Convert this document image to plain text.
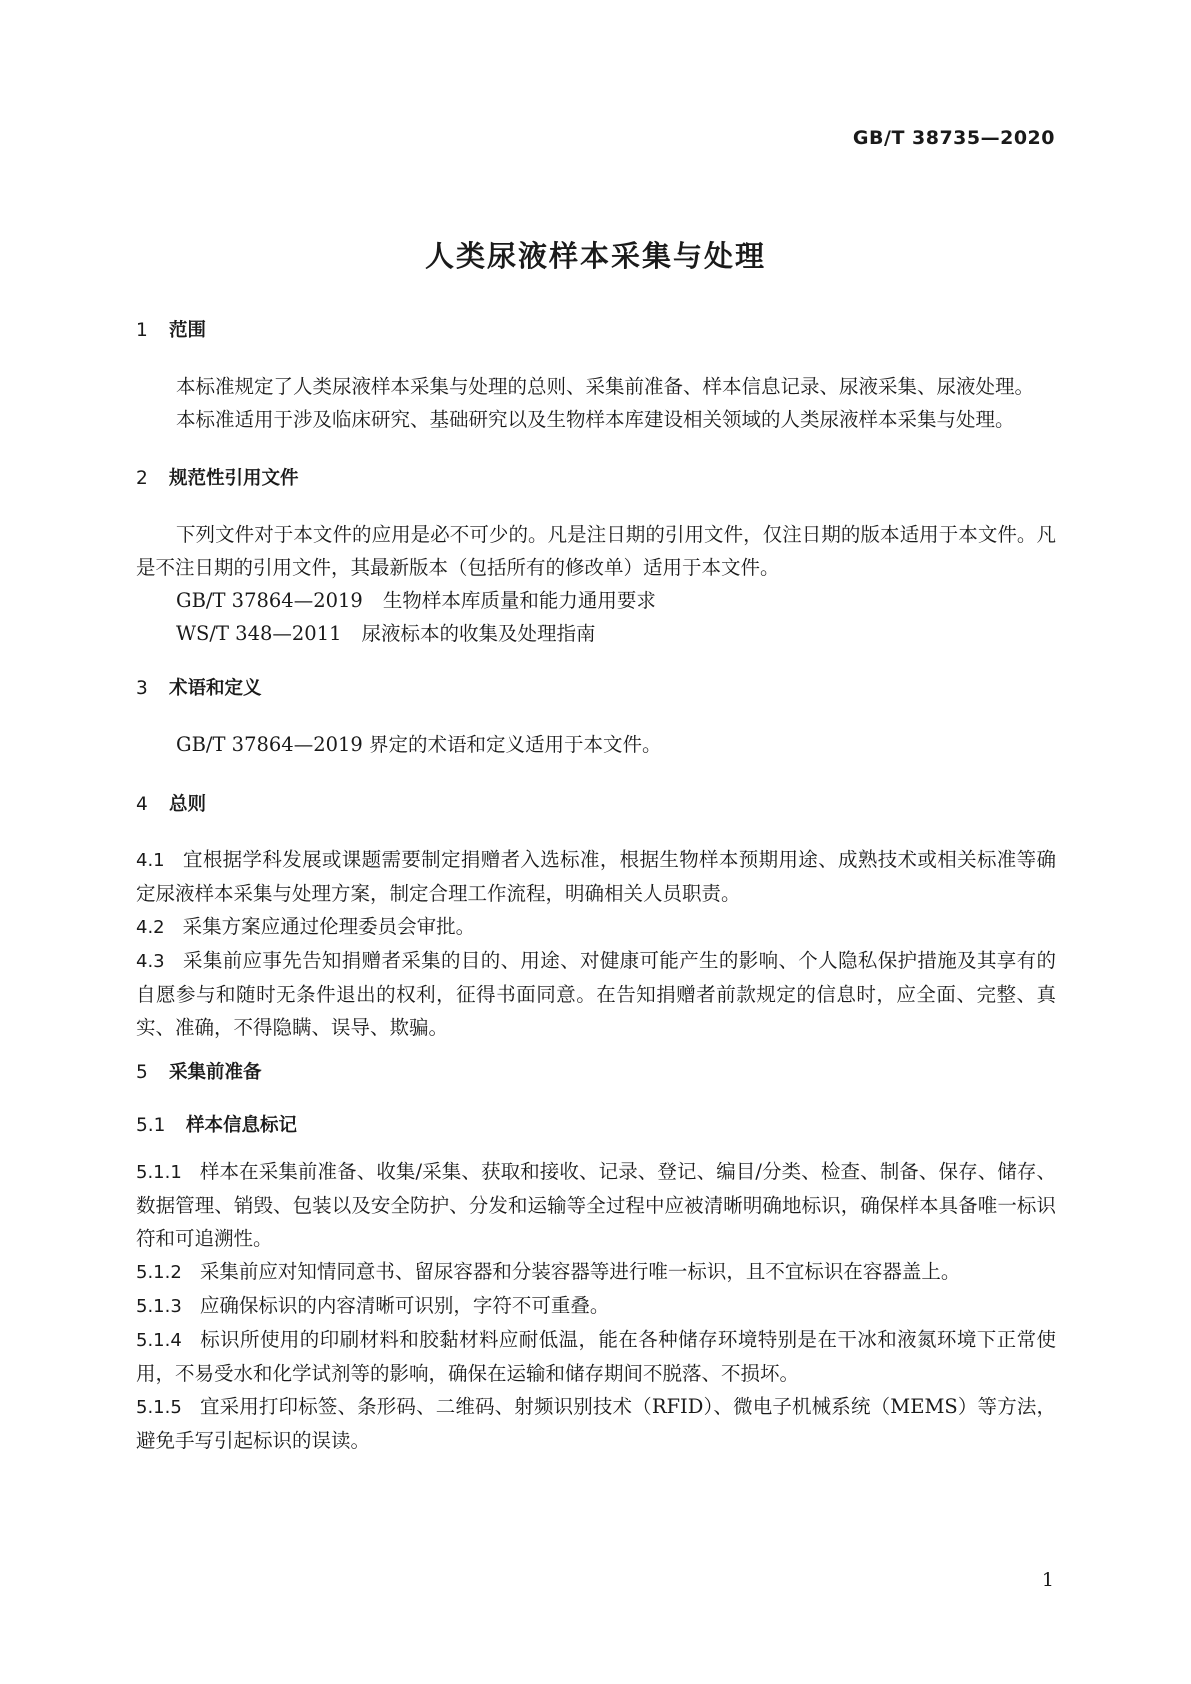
GB/T 38735—2020
人类尿液样本采集与处理
1 范围

本标准规定了人类尿液样本采集与处理的总则、采集前准备、样本信息记录、尿液采集、尿液处理。

本标准适用于涉及临床研究、基础研究以及生物样本库建设相关领域的人类尿液样本采集与处理。

2 规范性引用文件

下列文件对于本文件的应用是必不可少的。凡是注日期的引用文件，仅注日期的版本适用于本文件。凡是不注日期的引用文件，其最新版本（包括所有的修改单）适用于本文件。

GB/T 37864—2019 生物样本库质量和能力通用要求
WS/T 348—2011 尿液标本的收集及处理指南
3 术语和定义

GB/T 37864—2019 界定的术语和定义适用于本文件。

4 总则

4.1 宜根据学科发展或课题需要制定捐赠者入选标准，根据生物样本预期用途、成熟技术或相关标准等确定尿液样本采集与处理方案，制定合理工作流程，明确相关人员职责。

4.2 采集方案应通过伦理委员会审批。

4.3 采集前应事先告知捐赠者采集的目的、用途、对健康可能产生的影响、个人隐私保护措施及其享有的自愿参与和随时无条件退出的权利，征得书面同意。在告知捐赠者前款规定的信息时，应全面、完整、真实、准确，不得隐瞒、误导、欺骗。

5 采集前准备
5.1 样本信息标记

5.1.1 样本在采集前准备、收集/采集、获取和接收、记录、登记、编目/分类、检查、制备、保存、储存、数据管理、销毁、包装以及安全防护、分发和运输等全过程中应被清晰明确地标识，确保样本具备唯一标识符和可追溯性。

5.1.2 采集前应对知情同意书、留尿容器和分装容器等进行唯一标识，且不宜标识在容器盖上。

5.1.3 应确保标识的内容清晰可识别，字符不可重叠。

5.1.4 标识所使用的印刷材料和胶黏材料应耐低温，能在各种储存环境特别是在干冰和液氮环境下正常使用，不易受水和化学试剂等的影响，确保在运输和储存期间不脱落、不损坏。

5.1.5 宜采用打印标签、条形码、二维码、射频识别技术（RFID）、微电子机械系统（MEMS）等方法，避免手写引起标识的误读。

1
